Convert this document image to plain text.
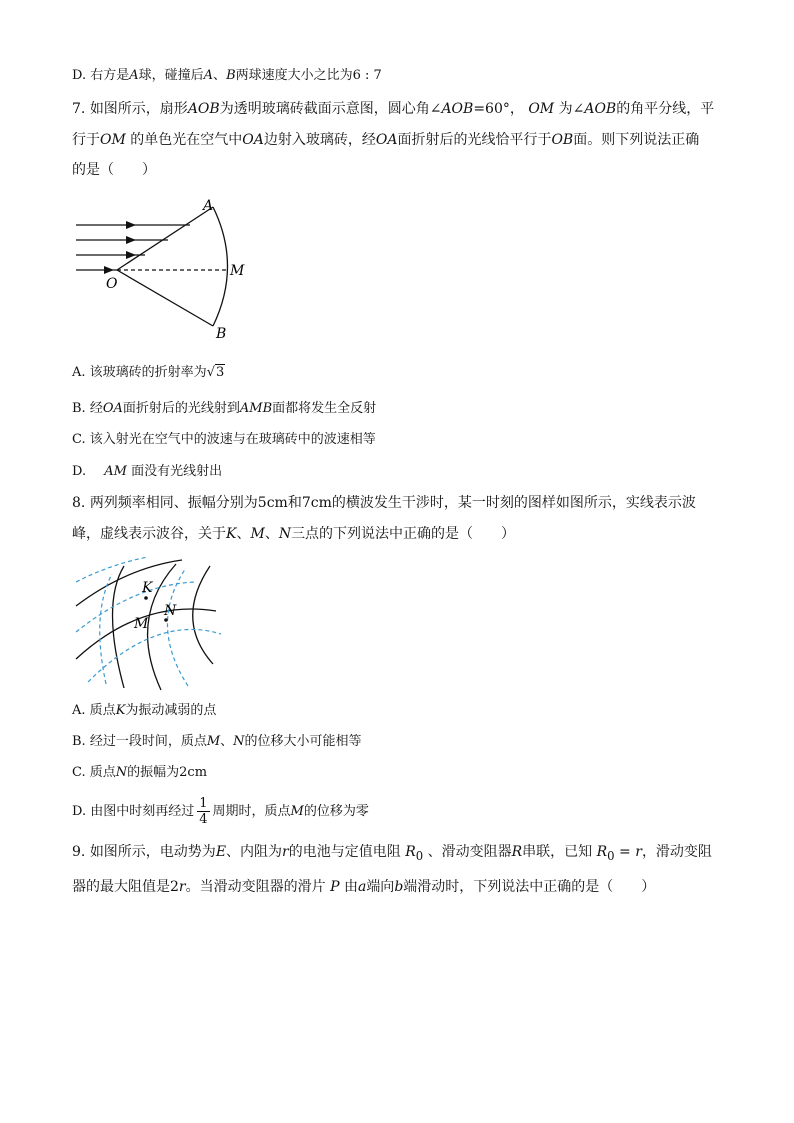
D. 右方是A球，碰撞后A、B两球速度大小之比为6 : 7
7. 如图所示，扇形AOB为透明玻璃砖截面示意图，圆心角∠AOB=60°， OM 为∠AOB的角平分线，平
行于OM 的单色光在空气中OA边射入玻璃砖，经OA面折射后的光线恰平行于OB面。则下列说法正确
的是（　　）
A
O
M
B
A. 该玻璃砖的折射率为√3
B. 经OA面折射后的光线射到AMB面都将发生全反射
C. 该入射光在空气中的波速与在玻璃砖中的波速相等
D. AM 面没有光线射出
8. 两列频率相同、振幅分别为5cm和7cm的横波发生干涉时，某一时刻的图样如图所示，实线表示波
峰，虚线表示波谷，关于K、M、N三点的下列说法中正确的是（　　）
K
N
M
A. 质点K为振动减弱的点
B. 经过一段时间，质点M、N的位移大小可能相等
C. 质点N的振幅为2cm
D. 由图中时刻再经过 $\frac{1}{4}$ 周期时，质点M的位移为零
9. 如图所示，电动势为E、内阻为r的电池与定值电阻 $R_0$ 、滑动变阻器R串联，已知 $R_0 = r$，滑动变阻
器的最大阻值是2r。当滑动变阻器的滑片 P 由a端向b端滑动时，下列说法中正确的是（　　）
